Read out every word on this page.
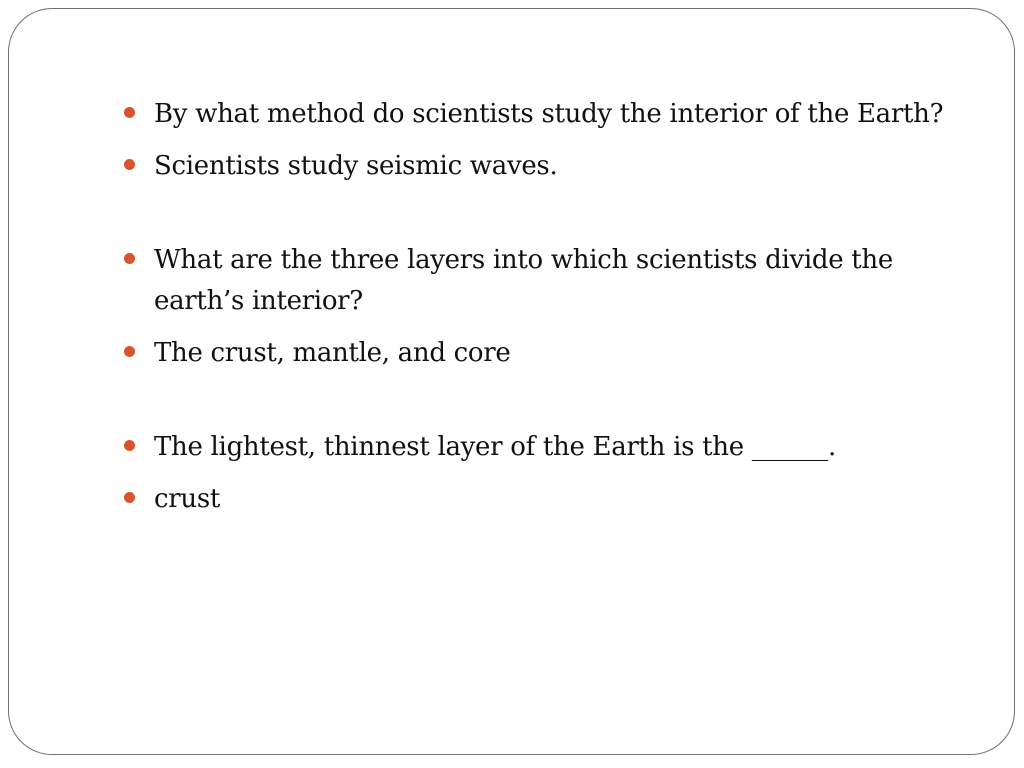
By what method do scientists study the interior of the Earth?
Scientists study seismic waves.
What are the three layers into which scientists divide the earth’s interior?
The crust, mantle, and core
The lightest, thinnest layer of the Earth is the ______.
crust
